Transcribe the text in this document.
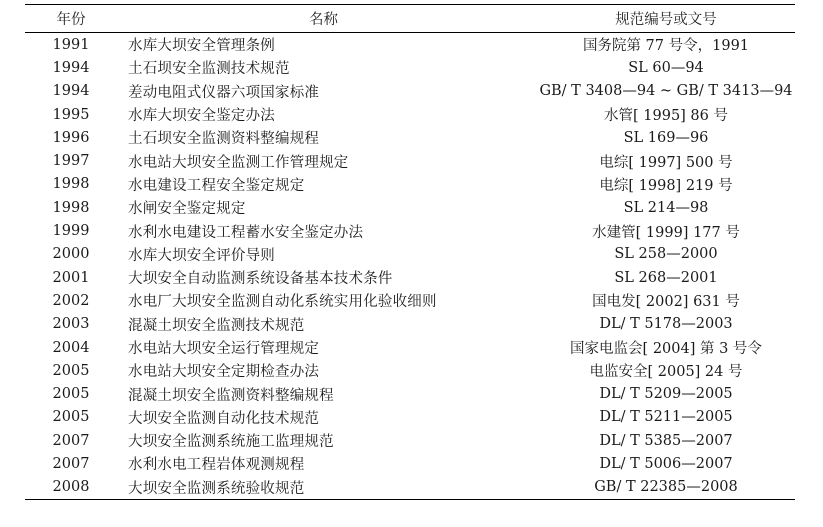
年份	名称	规范编号或文号
1991	水库大坝安全管理条例	国务院第 77 号令，1991
1994	土石坝安全监测技术规范	SL 60—94
1994	差动电阻式仪器六项国家标准	GB/ T 3408—94 ~ GB/ T 3413—94
1995	水库大坝安全鉴定办法	水管[ 1995] 86 号
1996	土石坝安全监测资料整编规程	SL 169—96
1997	水电站大坝安全监测工作管理规定	电综[ 1997] 500 号
1998	水电建设工程安全鉴定规定	电综[ 1998] 219 号
1998	水闸安全鉴定规定	SL 214—98
1999	水利水电建设工程蓄水安全鉴定办法	水建管[ 1999] 177 号
2000	水库大坝安全评价导则	SL 258—2000
2001	大坝安全自动监测系统设备基本技术条件	SL 268—2001
2002	水电厂大坝安全监测自动化系统实用化验收细则	国电发[ 2002] 631 号
2003	混凝土坝安全监测技术规范	DL/ T 5178—2003
2004	水电站大坝安全运行管理规定	国家电监会[ 2004] 第 3 号令
2005	水电站大坝安全定期检查办法	电监安全[ 2005] 24 号
2005	混凝土坝安全监测资料整编规程	DL/ T 5209—2005
2005	大坝安全监测自动化技术规范	DL/ T 5211—2005
2007	大坝安全监测系统施工监理规范	DL/ T 5385—2007
2007	水利水电工程岩体观测规程	DL/ T 5006—2007
2008	大坝安全监测系统验收规范	GB/ T 22385—2008
